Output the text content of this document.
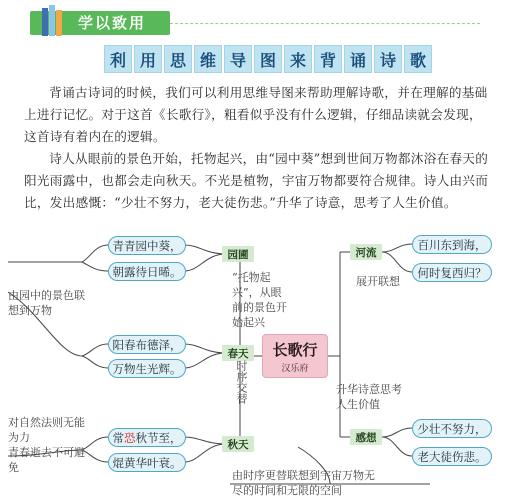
学以致用
利 用 思 维 导 图 来 背 诵 诗 歌

背诵古诗词的时候，我们可以利用思维导图来帮助理解诗歌，并在理解的基础上进行记忆。对于这首《长歌行》，粗看似乎没有什么逻辑，仔细品读就会发现，这首诗有着内在的逻辑。

诗人从眼前的景色开始，托物起兴，由“园中葵”想到世间万物都沐浴在春天的阳光雨露中，也都会走向秋天。不光是植物，宇宙万物都要符合规律。诗人由兴而比，发出感慨：“少壮不努力，老大徒伤悲。”升华了诗意，思考了人生价值。

青青园中葵，
朝露待日晞。
阳春布德泽，
万物生光辉。
常 恐 秋节至，
焜黄华叶衰。
百川东到海，
何时复西归？
少壮不努力，
老大徒伤悲。
园圃
春天
秋天
河流
感想
长歌行
汉乐府
由园中的景色联想到万物
对自然法则无能为力
青春逝去不可避免
“托物起兴”，从眼前的景色开始起兴
时序交替
展开联想
升华诗意思考人生价值
由时序更替联想到宇宙万物无尽的时间和无限的空间
